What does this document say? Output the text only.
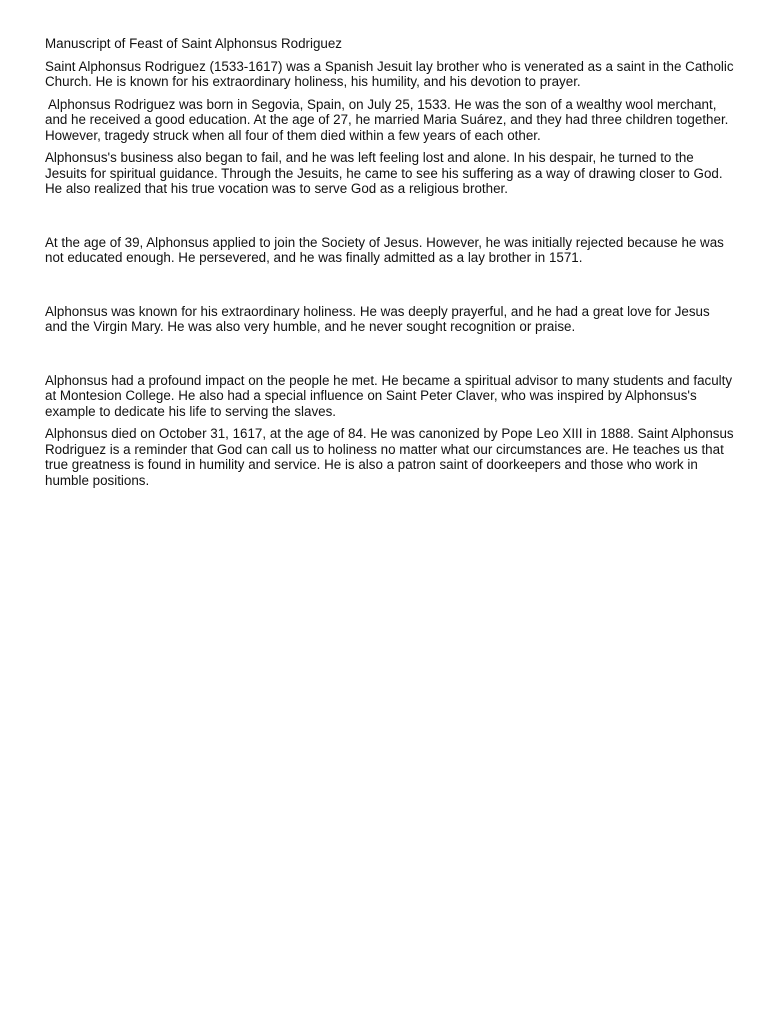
Manuscript of Feast of Saint Alphonsus Rodriguez

Saint Alphonsus Rodriguez (1533-1617) was a Spanish Jesuit lay brother who is venerated as a saint in the Catholic Church. He is known for his extraordinary holiness, his humility, and his devotion to prayer.

Alphonsus Rodriguez was born in Segovia, Spain, on July 25, 1533. He was the son of a wealthy wool merchant, and he received a good education. At the age of 27, he married Maria Suárez, and they had three children together. However, tragedy struck when all four of them died within a few years of each other.

Alphonsus's business also began to fail, and he was left feeling lost and alone. In his despair, he turned to the Jesuits for spiritual guidance. Through the Jesuits, he came to see his suffering as a way of drawing closer to God. He also realized that his true vocation was to serve God as a religious brother.

At the age of 39, Alphonsus applied to join the Society of Jesus. However, he was initially rejected because he was not educated enough. He persevered, and he was finally admitted as a lay brother in 1571.

Alphonsus was known for his extraordinary holiness. He was deeply prayerful, and he had a great love for Jesus and the Virgin Mary. He was also very humble, and he never sought recognition or praise.

Alphonsus had a profound impact on the people he met. He became a spiritual advisor to many students and faculty at Montesion College. He also had a special influence on Saint Peter Claver, who was inspired by Alphonsus's example to dedicate his life to serving the slaves.

Alphonsus died on October 31, 1617, at the age of 84. He was canonized by Pope Leo XIII in 1888. Saint Alphonsus Rodriguez is a reminder that God can call us to holiness no matter what our circumstances are. He teaches us that true greatness is found in humility and service. He is also a patron saint of doorkeepers and those who work in humble positions.
